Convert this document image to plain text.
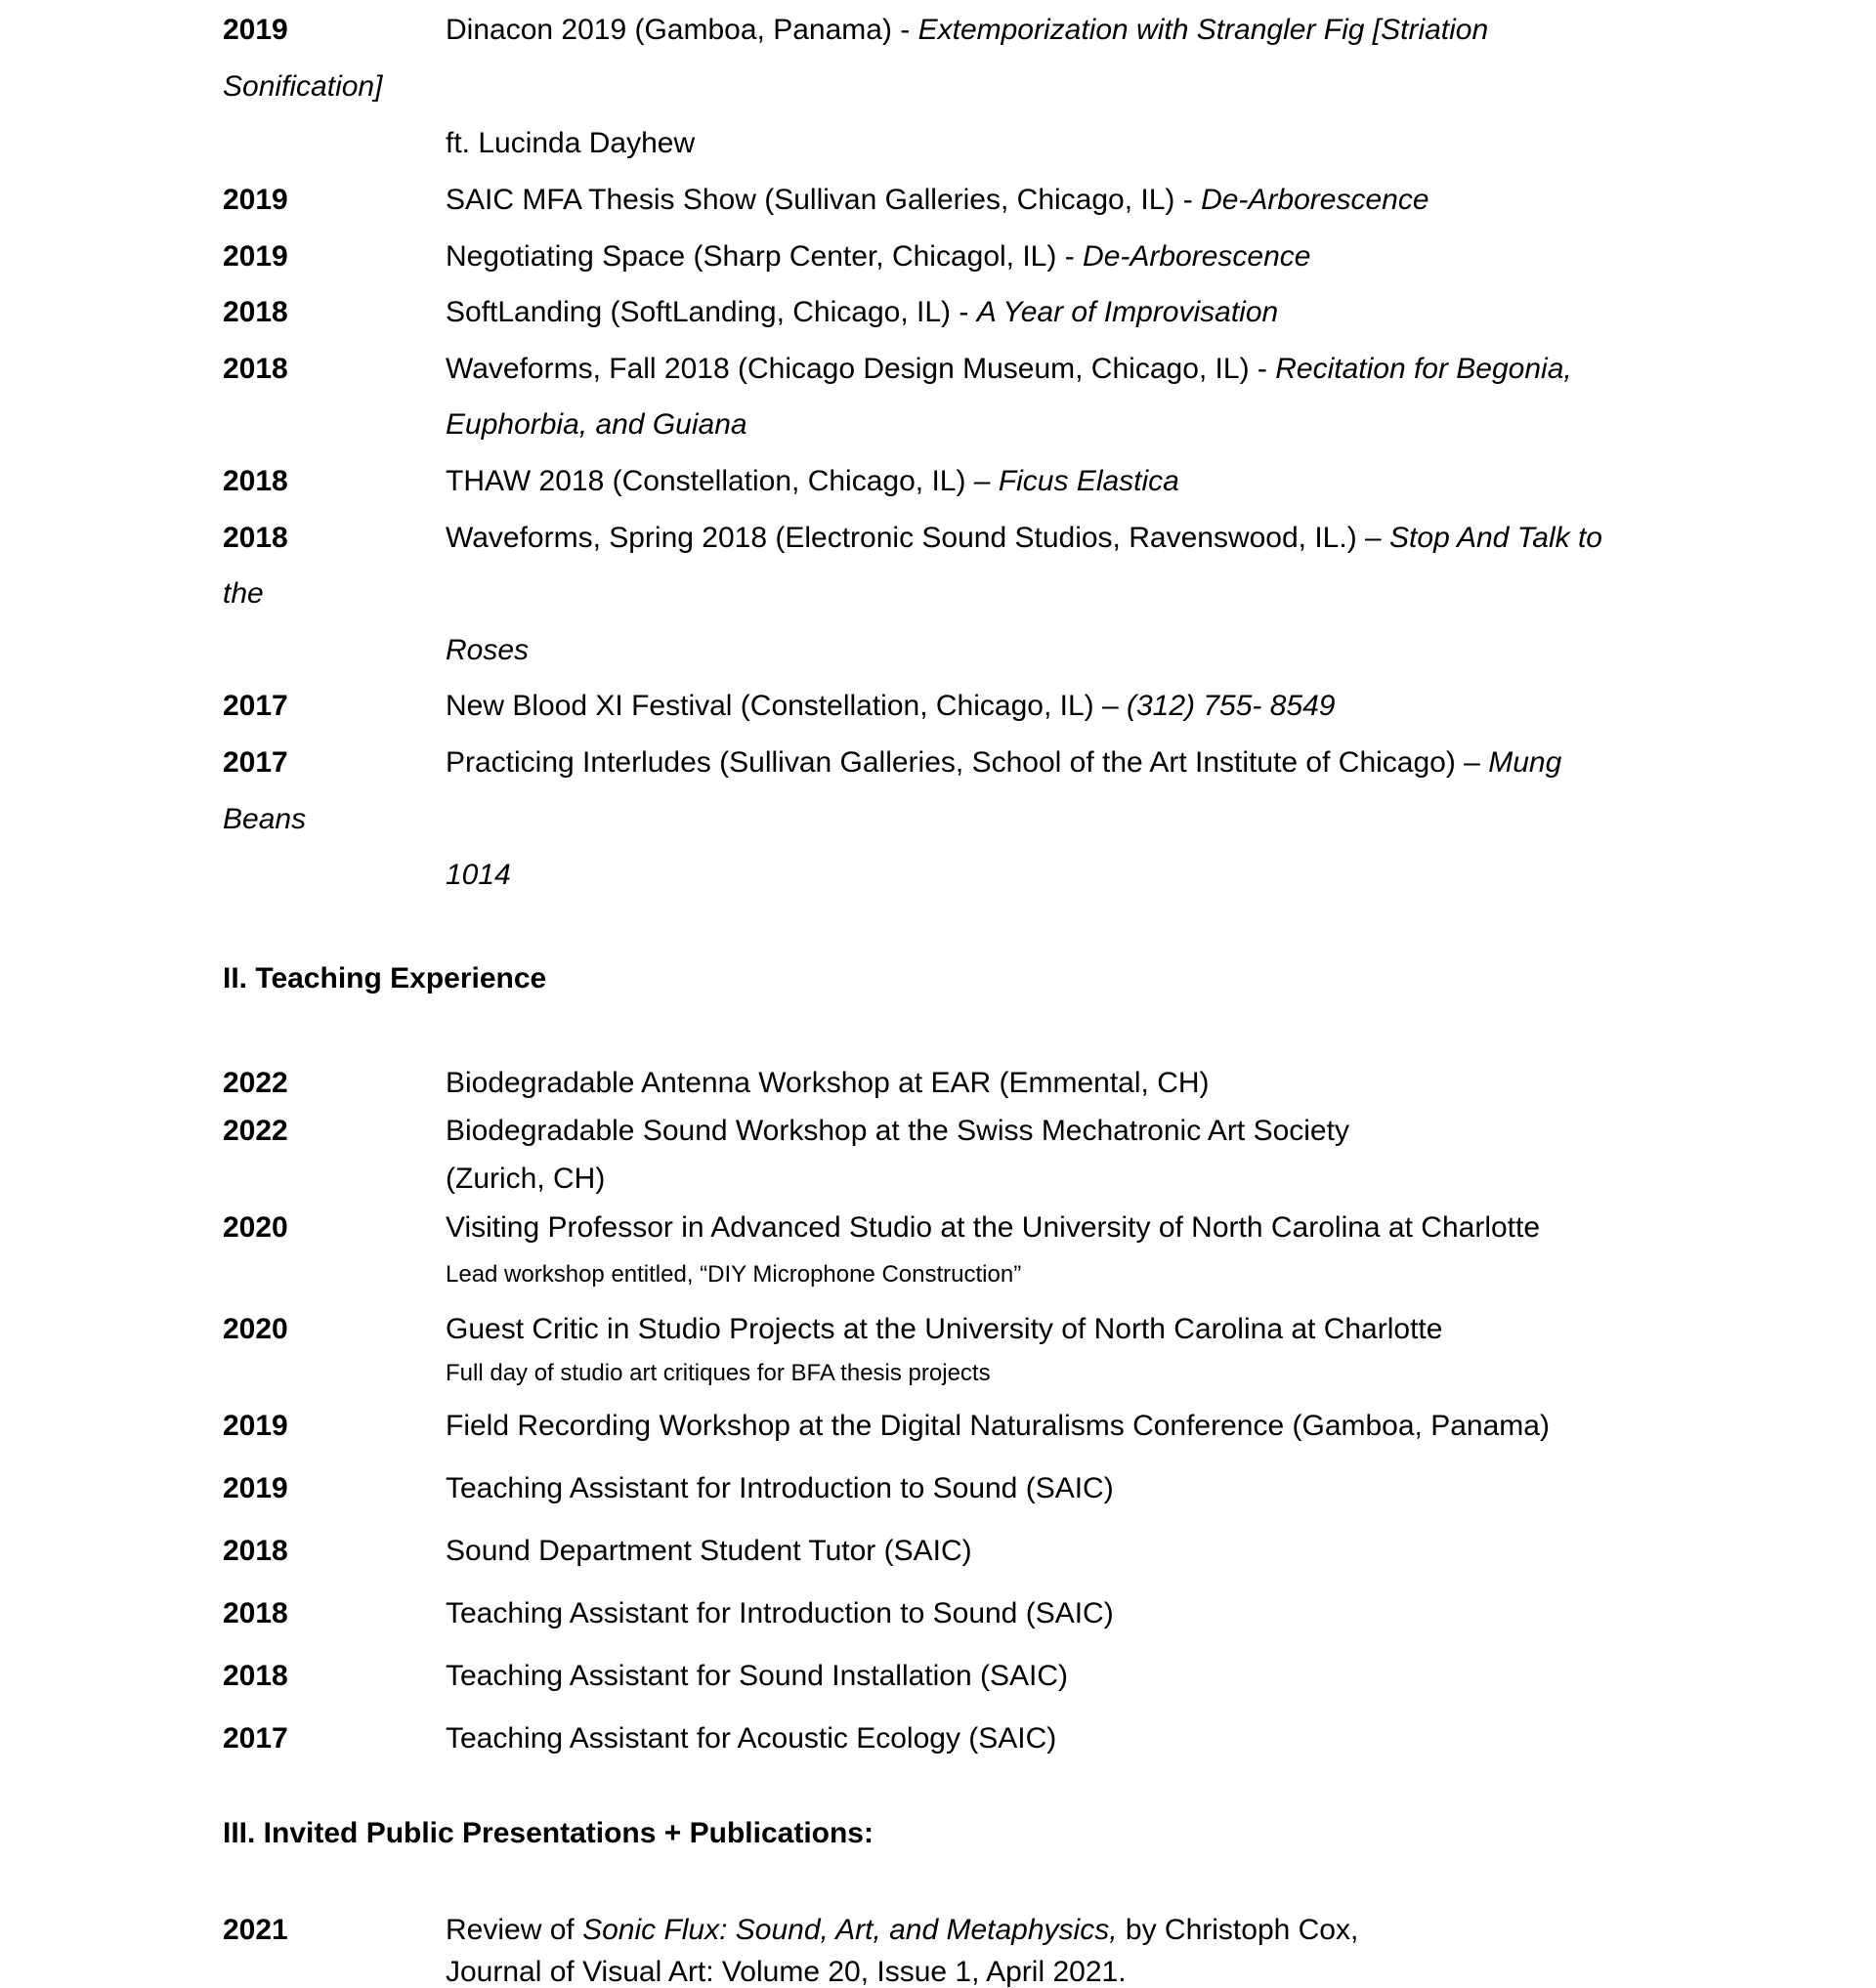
2019	Dinacon 2019 (Gamboa, Panama) - Extemporization with Strangler Fig [Striation
Sonification]
ft. Lucinda Dayhew
2019	SAIC MFA Thesis Show (Sullivan Galleries, Chicago, IL) - De-Arborescence
2019	Negotiating Space (Sharp Center, Chicagol, IL) - De-Arborescence
2018	SoftLanding (SoftLanding, Chicago, IL) - A Year of Improvisation
2018	Waveforms, Fall 2018 (Chicago Design Museum, Chicago, IL) - Recitation for Begonia,
Euphorbia, and Guiana
2018	THAW 2018 (Constellation, Chicago, IL) – Ficus Elastica
2018	Waveforms, Spring 2018 (Electronic Sound Studios, Ravenswood, IL.) – Stop And Talk to
the
Roses
2017	New Blood XI Festival (Constellation, Chicago, IL) – (312) 755- 8549
2017	Practicing Interludes (Sullivan Galleries, School of the Art Institute of Chicago) – Mung
Beans
1014
II. Teaching Experience
2022	Biodegradable Antenna Workshop at EAR (Emmental, CH)
2022	Biodegradable Sound Workshop at the Swiss Mechatronic Art Society
(Zurich, CH)
2020	Visiting Professor in Advanced Studio at the University of North Carolina at Charlotte
Lead workshop entitled, “DIY Microphone Construction”
2020	Guest Critic in Studio Projects at the University of North Carolina at Charlotte
Full day of studio art critiques for BFA thesis projects
2019	Field Recording Workshop at the Digital Naturalisms Conference (Gamboa, Panama)
2019	Teaching Assistant for Introduction to Sound (SAIC)
2018	Sound Department Student Tutor (SAIC)
2018	Teaching Assistant for Introduction to Sound (SAIC)
2018	Teaching Assistant for Sound Installation (SAIC)
2017	Teaching Assistant for Acoustic Ecology (SAIC)
III. Invited Public Presentations + Publications:
2021	Review of Sonic Flux: Sound, Art, and Metaphysics, by Christoph Cox,
Journal of Visual Art: Volume 20, Issue 1, April 2021.
